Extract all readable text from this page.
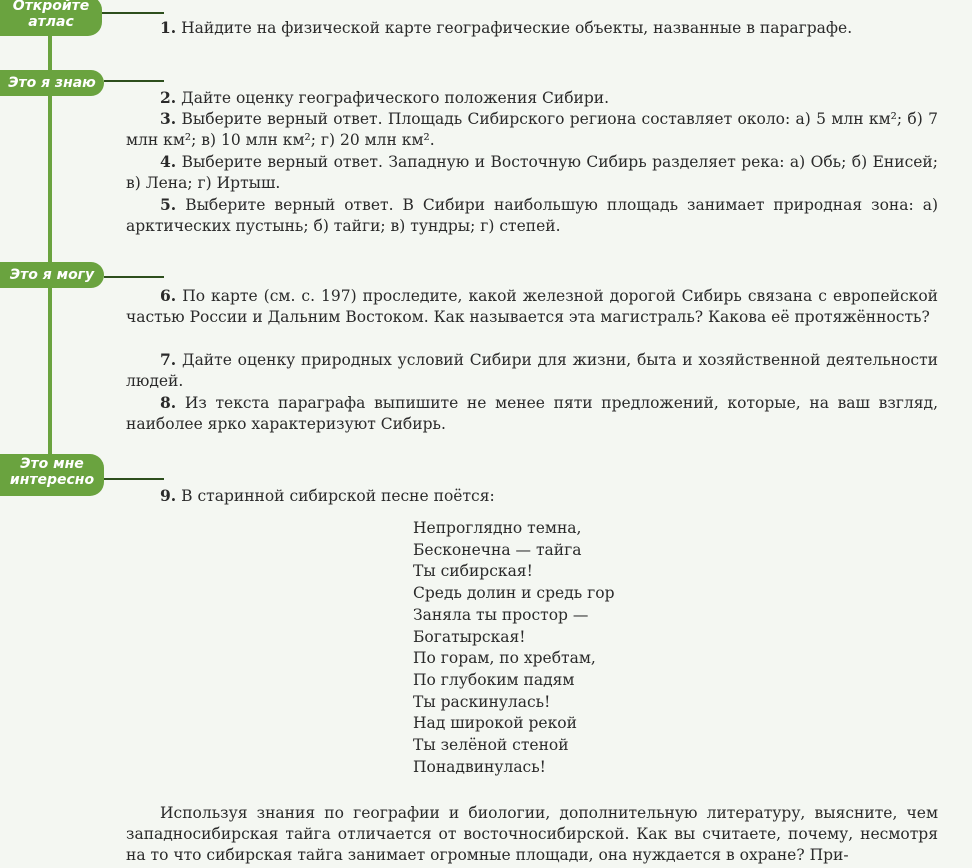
Откройте
атлас
Это я знаю
Это я могу
Это мне
интересно
1. Найдите на физической карте географические объекты, названные в параграфе.
2. Дайте оценку географического положения Сибири.
3. Выберите верный ответ. Площадь Сибирского региона составляет около: а) 5 млн км²; б) 7 млн км²; в) 10 млн км²; г) 20 млн км².
4. Выберите верный ответ. Западную и Восточную Сибирь разделяет река: а) Обь; б) Енисей; в) Лена; г) Иртыш.
5. Выберите верный ответ. В Сибири наибольшую площадь занимает природная зона: а) арктических пустынь; б) тайги; в) тундры; г) степей.
6. По карте (см. с. 197) проследите, какой железной дорогой Сибирь связана с европейской частью России и Дальним Востоком. Как называется эта магистраль? Какова её протяжённость?
7. Дайте оценку природных условий Сибири для жизни, быта и хозяйственной деятельности людей.
8. Из текста параграфа выпишите не менее пяти предложений, которые, на ваш взгляд, наиболее ярко характеризуют Сибирь.
9. В старинной сибирской песне поётся:
Непроглядно темна,
Бесконечна — тайга
Ты сибирская!
Средь долин и средь гор
Заняла ты простор —
Богатырская!
По горам, по хребтам,
По глубоким падям
Ты раскинулась!
Над широкой рекой
Ты зелёной стеной
Понадвинулась!
Используя знания по географии и биологии, дополнительную литературу, выясните, чем западносибирская тайга отличается от восточносибирской. Как вы считаете, почему, несмотря на то что сибирская тайга занимает огромные площади, она нуждается в охране? При-
